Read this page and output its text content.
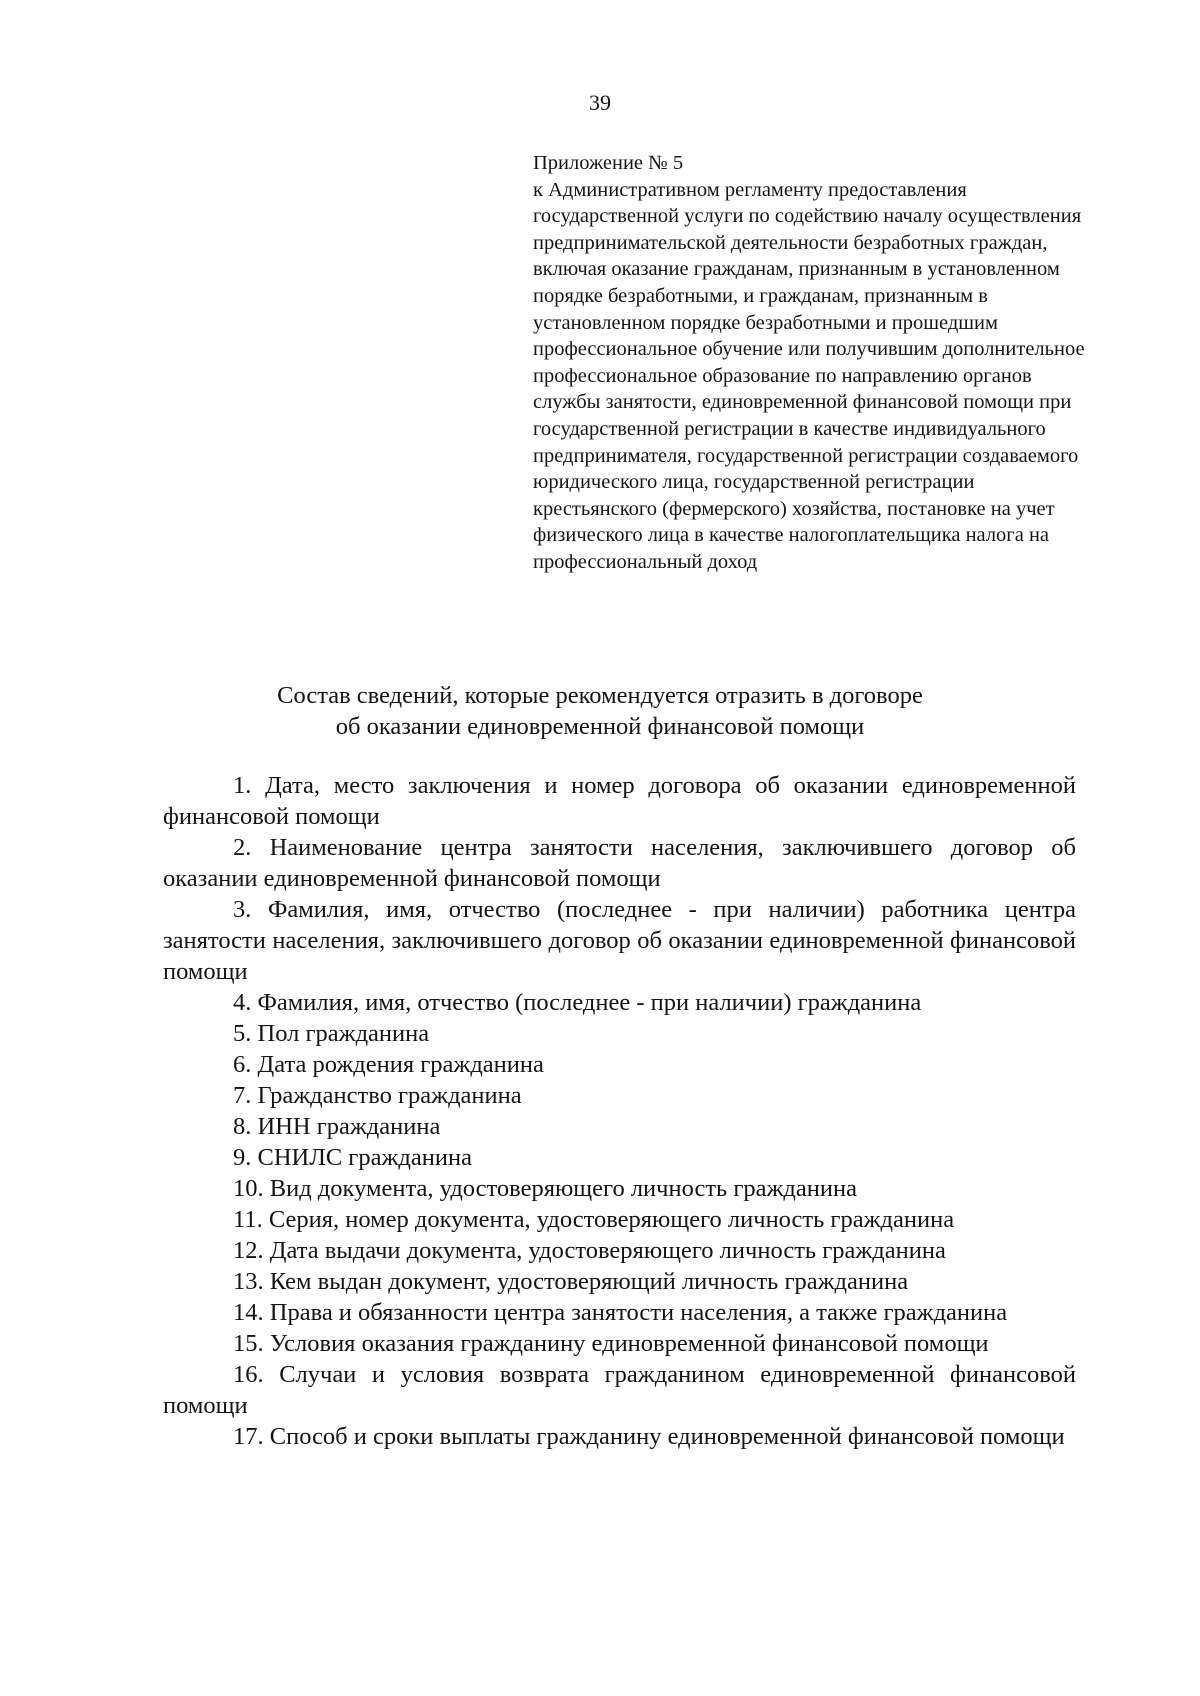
39
Приложение № 5
к Административном регламенту предоставления государственной услуги по содействию началу осуществления предпринимательской деятельности безработных граждан, включая оказание гражданам, признанным в установленном порядке безработными, и гражданам, признанным в установленном порядке безработными и прошедшим профессиональное обучение или получившим дополнительное профессиональное образование по направлению органов службы занятости, единовременной финансовой помощи при государственной регистрации в качестве индивидуального предпринимателя, государственной регистрации создаваемого юридического лица, государственной регистрации крестьянского (фермерского) хозяйства, постановке на учет физического лица в качестве налогоплательщика налога на профессиональный доход
Состав сведений, которые рекомендуется отразить в договоре
об оказании единовременной финансовой помощи
1. Дата, место заключения и номер договора об оказании единовременной финансовой помощи
2. Наименование центра занятости населения, заключившего договор об оказании единовременной финансовой помощи
3. Фамилия, имя, отчество (последнее - при наличии) работника центра занятости населения, заключившего договор об оказании единовременной финансовой помощи
4. Фамилия, имя, отчество (последнее - при наличии) гражданина
5. Пол гражданина
6. Дата рождения гражданина
7. Гражданство гражданина
8. ИНН гражданина
9. СНИЛС гражданина
10. Вид документа, удостоверяющего личность гражданина
11. Серия, номер документа, удостоверяющего личность гражданина
12. Дата выдачи документа, удостоверяющего личность гражданина
13. Кем выдан документ, удостоверяющий личность гражданина
14. Права и обязанности центра занятости населения, а также гражданина
15. Условия оказания гражданину единовременной финансовой помощи
16. Случаи и условия возврата гражданином единовременной финансовой помощи
17. Способ и сроки выплаты гражданину единовременной финансовой помощи
